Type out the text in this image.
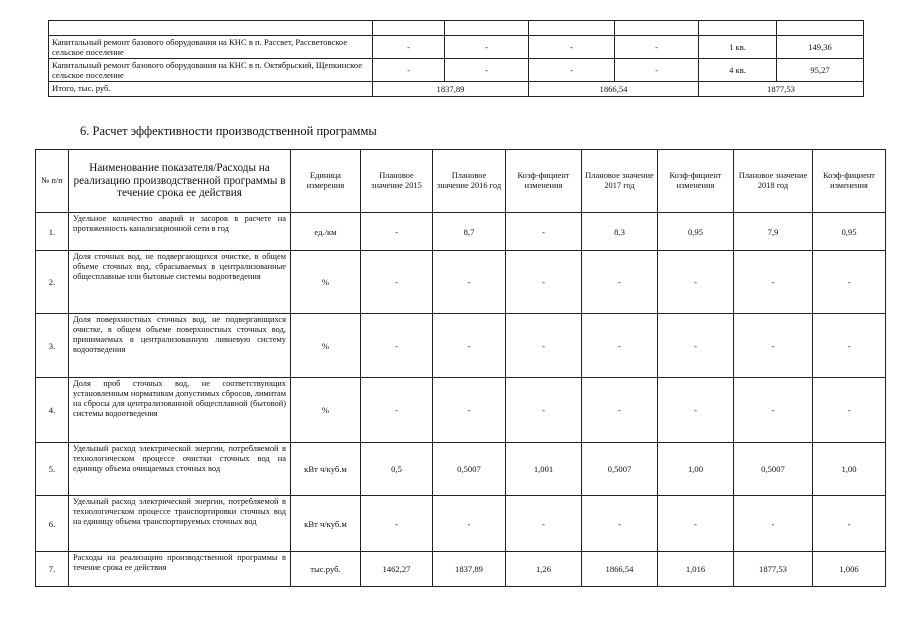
Капитальный ремонт базового оборудования на КНС в п. Рассвет, Рассветовское сельское поселение	-	-	-	-	1 кв.	149,36
Капитальный ремонт базового оборудования на КНС в п. Октябрьский, Щепкинское сельское поселение	-	-	-	-	4 кв.	95,27
Итого, тыс. руб.	1837,89		1866,54		1877,53	
6. Расчет эффективности производственной программы
№ п/п	Наименование показателя/Расходы на реализацию производственной программы в течение срока ее действия	Единица измерения	Плановое значение 2015	Плановое значение 2016 год	Коэф-фициент изменения	Плановое значение 2017 год	Коэф-фициент изменения	Плановое значение 2018 год	Коэф-фициент изменения
1.	Удельное количество аварий и засоров в расчете на протяженность канализационной сети в год	ед./км	-	8,7	-	8,3	0,95	7,9	0,95
2.	Доля сточных вод, не подвергающихся очистке, в общем объеме сточных вод, сбрасываемых в централизованные общесплавные или бытовые системы водоотведения	%	-	-	-	-	-	-	-
3.	Доля поверхностных сточных вод, не подвергающихся очистке, в общем объеме поверхностных сточных вод, принимаемых в централизованную ливневую систему водоотведения	%	-	-	-	-	-	-	-
4.	Доля проб сточных вод, не соответствующих установленным нормативам допустимых сбросов, лимитам на сбросы для централизованной общесплавной (бытовой) системы водоотведения	%	-	-	-	-	-	-	-
5.	Удельный расход электрической энергии, потребляемой в технологическом процессе очистки сточных вод на единицу объема очищаемых сточных вод	кВт ч/куб.м	0,5	0,5007	1,001	0,5007	1,00	0,5007	1,00
6.	Удельный расход электрической энергии, потребляемой в технологическом процессе транспортировки сточных вод на единицу объема транспортируемых сточных вод	кВт ч/куб.м	-	-	-	-	-	-	-
7.	Расходы на реализацию производственной программы в течение срока ее действия	тыс.руб.	1462,27	1837,89	1,26	1866,54	1,016	1877,53	1,006
